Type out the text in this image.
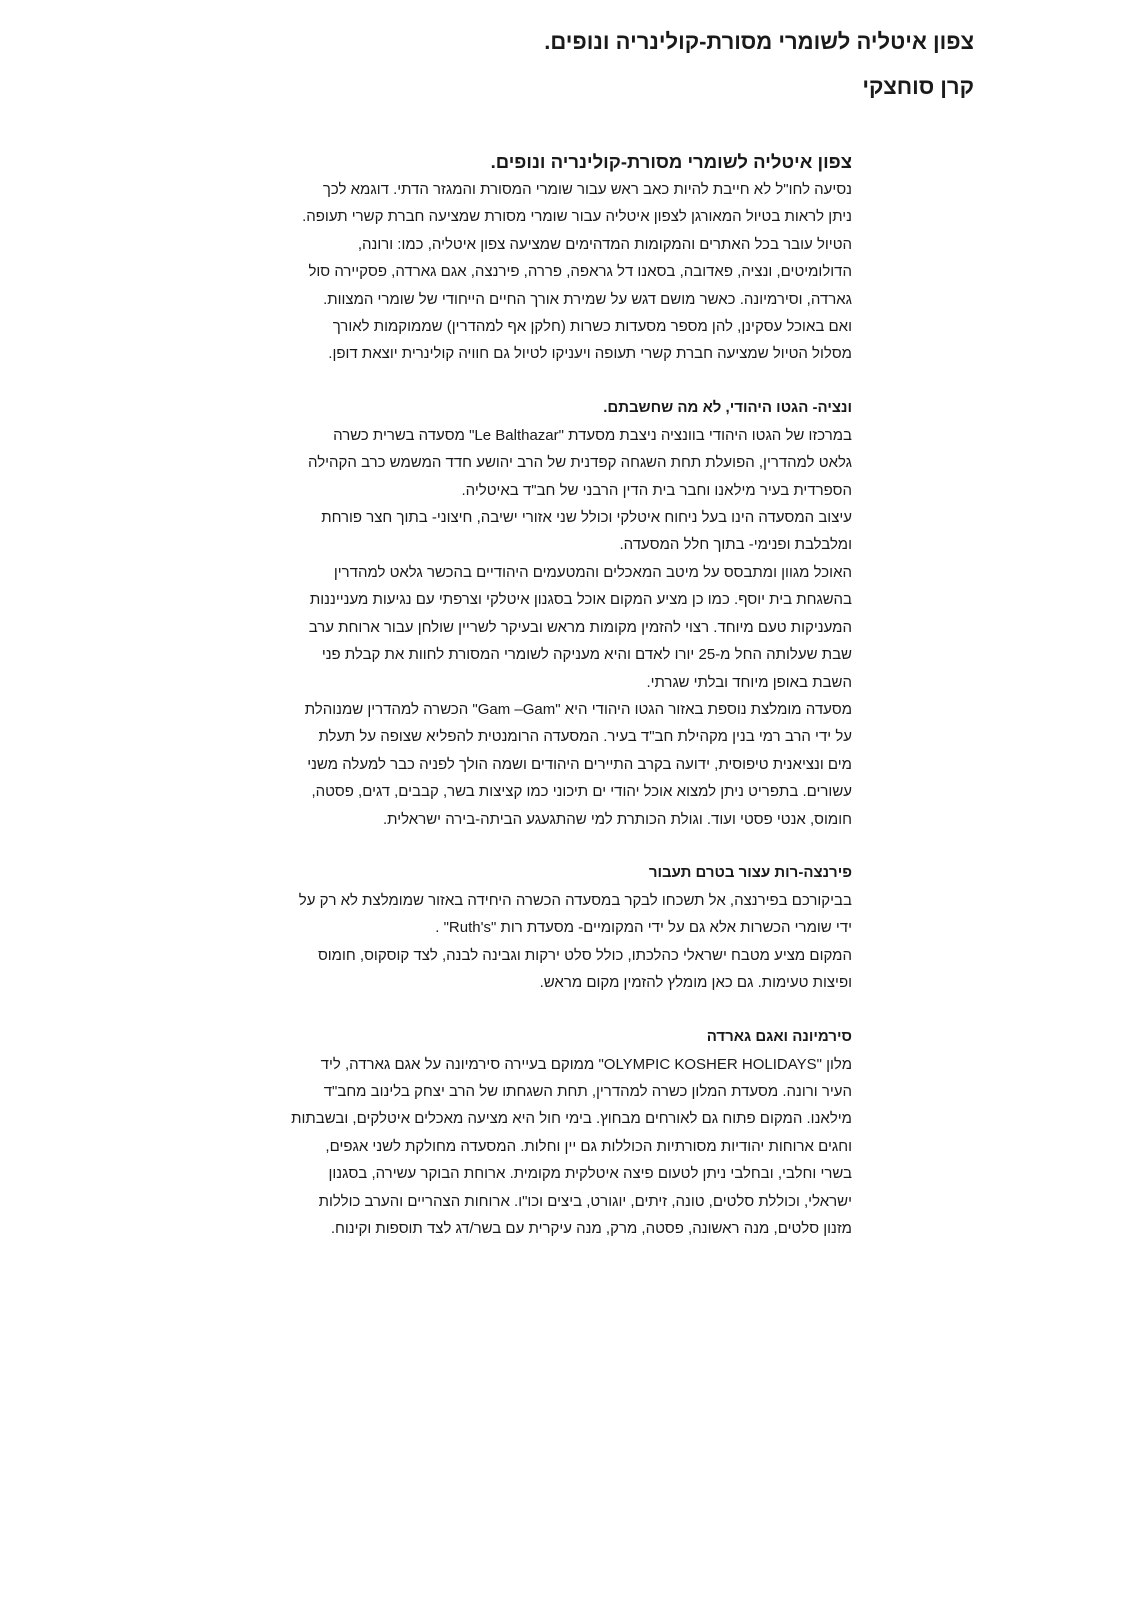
צפון איטליה לשומרי מסורת-קולינריה ונופים.
קרן סוחצקי
צפון איטליה לשומרי מסורת-קולינריה ונופים.
נסיעה לחו"ל לא חייבת להיות כאב ראש עבור שומרי המסורת והמגזר הדתי. דוגמא לכך
ניתן לראות בטיול המאורגן לצפון איטליה עבור שומרי מסורת שמציעה חברת קשרי תעופה.
הטיול עובר בכל האתרים והמקומות המדהימים שמציעה צפון איטליה, כמו: ורונה,
הדולומיטים, ונציה, פאדובה, בסאנו דל גראפה, פררה, פירנצה, אגם גארדה, פסקיירה סול
גארדה, וסירמיונה. כאשר מושם דגש על שמירת אורך החיים הייחודי של שומרי המצוות.
ואם באוכל עסקינן, להן מספר מסעדות כשרות (חלקן אף למהדרין) שממוקמות לאורך
מסלול הטיול שמציעה חברת קשרי תעופה ויעניקו לטיול גם חוויה קולינרית יוצאת דופן.
ונציה- הגטו היהודי, לא מה שחשבתם.
במרכזו של הגטו היהודי בוונציה ניצבת מסעדת "Le Balthazar" מסעדה בשרית כשרה
גלאט למהדרין, הפועלת תחת השגחה קפדנית של הרב יהושע חדד המשמש כרב הקהילה
הספרדית בעיר מילאנו וחבר בית הדין הרבני של חב"ד באיטליה.
עיצוב המסעדה הינו בעל ניחוח איטלקי וכולל שני אזורי ישיבה, חיצוני- בתוך חצר פורחת
ומלבלבת ופנימי- בתוך חלל המסעדה.
האוכל מגוון ומתבסס על מיטב המאכלים והמטעמים היהודיים בהכשר גלאט למהדרין
בהשגחת בית יוסף. כמו כן מציע המקום אוכל בסגנון איטלקי וצרפתי עם נגיעות מענייננות
המעניקות טעם מיוחד. רצוי להזמין מקומות מראש ובעיקר לשריין שולחן עבור ארוחת ערב
שבת שעלותה החל מ-25 יורו לאדם והיא מעניקה לשומרי המסורת לחוות את קבלת פני
השבת באופן מיוחד ובלתי שגרתי.
מסעדה מומלצת נוספת באזור הגטו היהודי היא "Gam –Gam" הכשרה למהדרין שמנוהלת
על ידי הרב רמי בנין מקהילת חב"ד בעיר. המסעדה הרומנטית להפליא שצופה על תעלת
מים ונציאנית טיפוסית, ידועה בקרב התיירים היהודים ושמה הולך לפניה כבר למעלה משני
עשורים. בתפריט ניתן למצוא אוכל יהודי ים תיכוני כמו קציצות בשר, קבבים, דגים, פסטה,
חומוס, אנטי פסטי ועוד. וגולת הכותרת למי שהתגעגע הביתה-בירה ישראלית.
פירנצה-רות עצור בטרם תעבור
בביקורכם בפירנצה, אל תשכחו לבקר במסעדה הכשרה היחידה באזור שמומלצת לא רק על
ידי שומרי הכשרות אלא גם על ידי המקומיים- מסעדת רות "Ruth's" .
המקום מציע מטבח ישראלי כהלכתו, כולל סלט ירקות וגבינה לבנה, לצד קוסקוס, חומוס
ופיצות טעימות. גם כאן מומלץ להזמין מקום מראש.
סירמיונה ואגם גארדה
מלון "OLYMPIC KOSHER HOLIDAYS" ממוקם בעיירה סירמיונה על אגם גארדה, ליד
העיר ורונה. מסעדת המלון כשרה למהדרין, תחת השגחתו של הרב יצחק בלינוב מחב"ד
מילאנו. המקום פתוח גם לאורחים מבחוץ. בימי חול היא מציעה מאכלים איטלקים, ובשבתות
וחגים ארוחות יהודיות מסורתיות הכוללות גם יין וחלות. המסעדה מחולקת לשני אגפים,
בשרי וחלבי, ובחלבי ניתן לטעום פיצה איטלקית מקומית. ארוחת הבוקר עשירה, בסגנון
ישראלי, וכוללת סלטים, טונה, זיתים, יוגורט, ביצים וכו"ו. ארוחות הצהריים והערב כוללות
מזנון סלטים, מנה ראשונה, פסטה, מרק, מנה עיקרית עם בשר/דג לצד תוספות וקינוח.
